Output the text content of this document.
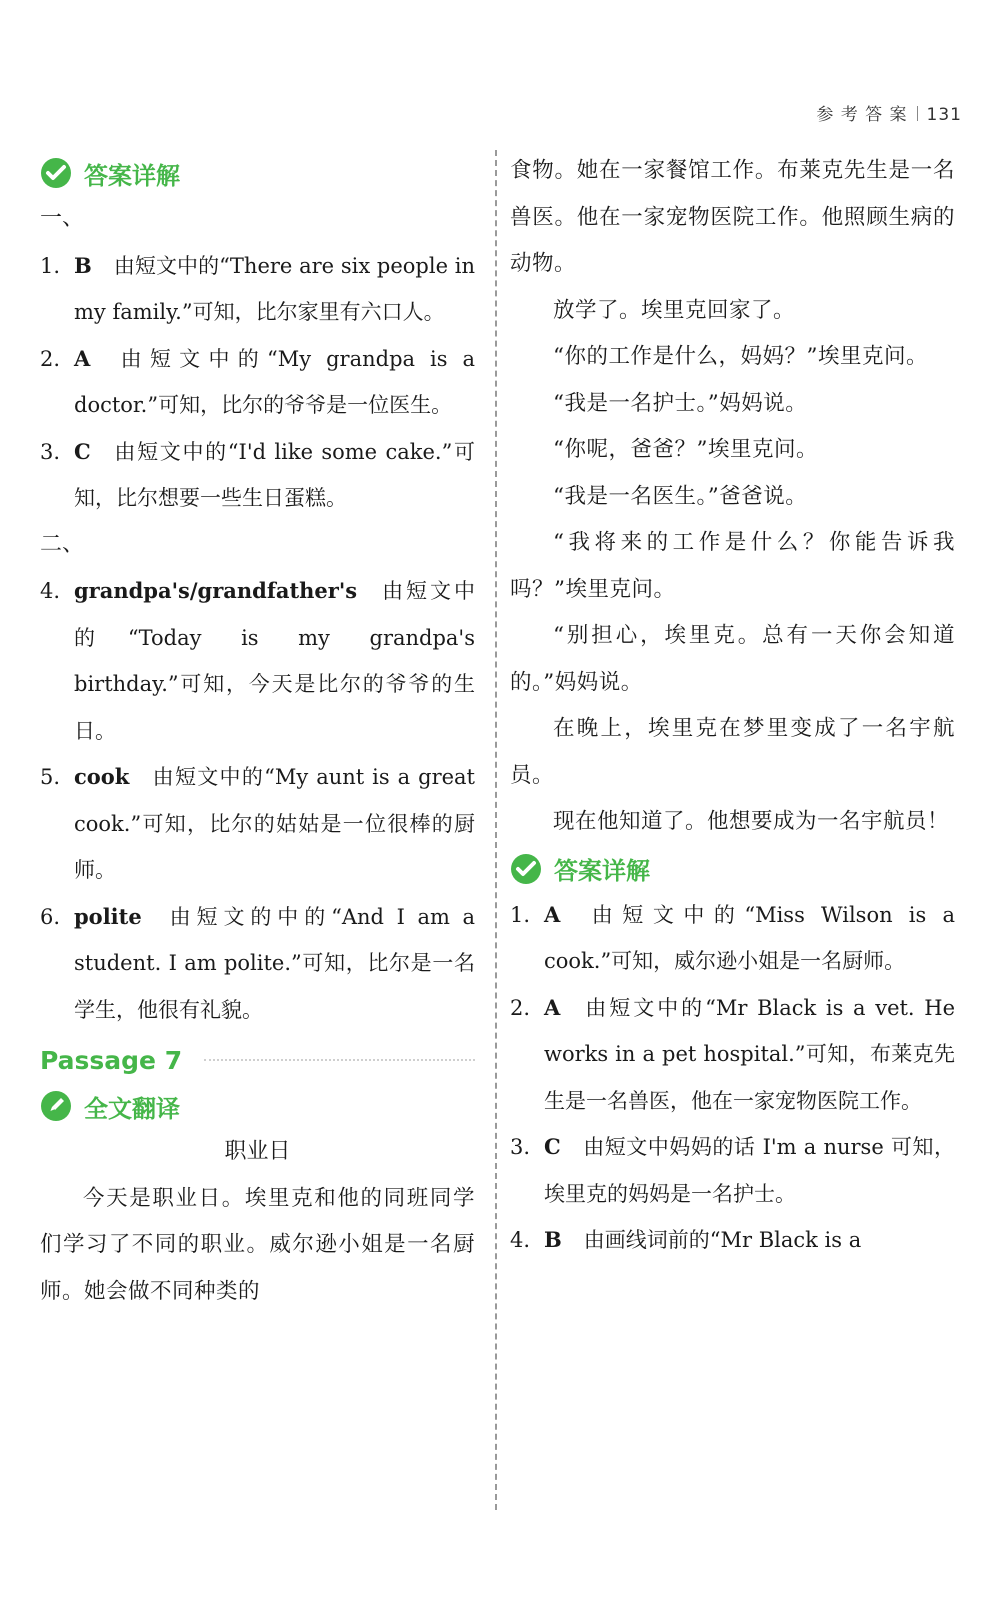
参 考 答 案 131
答案详解
一、
1. B 由短文中的“There are six people in my family.”可知，比尔家里有六口人。
2. A 由短文中的“My grandpa is a doctor.”可知，比尔的爷爷是一位医生。
3. C 由短文中的“I'd like some cake.”可知，比尔想要一些生日蛋糕。
二、
4. grandpa's/grandfather's 由短文中的“Today is my grandpa's birthday.”可知，今天是比尔的爷爷的生日。
5. cook 由短文中的“My aunt is a great cook.”可知，比尔的姑姑是一位很棒的厨师。
6. polite 由短文的中的“And I am a student. I am polite.”可知，比尔是一名学生，他很有礼貌。
Passage 7
全文翻译
职业日
今天是职业日。埃里克和他的同班同学们学习了不同的职业。威尔逊小姐是一名厨师。她会做不同种类的
食物。她在一家餐馆工作。布莱克先生是一名兽医。他在一家宠物医院工作。他照顾生病的动物。
放学了。埃里克回家了。
“你的工作是什么，妈妈？”埃里克问。
“我是一名护士。”妈妈说。
“你呢，爸爸？”埃里克问。
“我是一名医生。”爸爸说。
“我将来的工作是什么？你能告诉我吗？”埃里克问。
“别担心，埃里克。总有一天你会知道的。”妈妈说。
在晚上，埃里克在梦里变成了一名宇航员。
现在他知道了。他想要成为一名宇航员！
答案详解
1. A 由短文中的“Miss Wilson is a cook.”可知，威尔逊小姐是一名厨师。
2. A 由短文中的“Mr Black is a vet. He works in a pet hospital.”可知，布莱克先生是一名兽医，他在一家宠物医院工作。
3. C 由短文中妈妈的话 I'm a nurse 可知，埃里克的妈妈是一名护士。
4. B 由画线词前的“Mr Black is a
